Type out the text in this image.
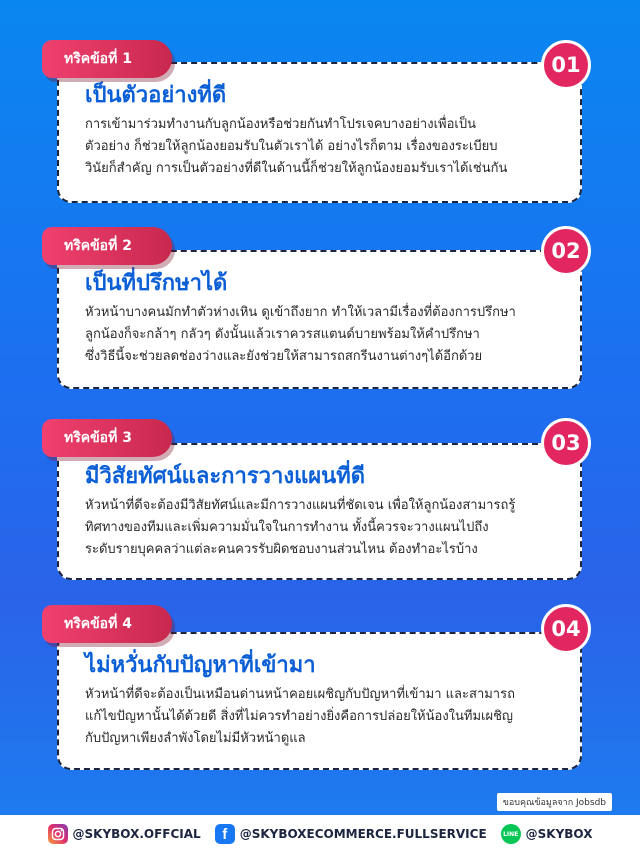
เป็นตัวอย่างที่ดี
การเข้ามาร่วมทำงานกับลูกน้องหรือช่วยกันทำโปรเจคบางอย่างเพื่อเป็น
ตัวอย่าง ก็ช่วยให้ลูกน้องยอมรับในตัวเราได้ อย่างไรก็ตาม เรื่องของระเบียบ
วินัยก็สำคัญ การเป็นตัวอย่างที่ดีในด้านนี้ก็ช่วยให้ลูกน้องยอมรับเราได้เช่นกัน
ทริคข้อที่ 1	01
เป็นที่ปรึกษาได้
หัวหน้าบางคนมักทำตัวห่างเหิน ดูเข้าถึงยาก ทำให้เวลามีเรื่องที่ต้องการปรึกษา
ลูกน้องก็จะกล้าๆ กลัวๆ ดังนั้นแล้วเราควรสแตนด์บายพร้อมให้คำปรึกษา
ซึ่งวิธีนี้จะช่วยลดช่องว่างและยังช่วยให้สามารถสกรีนงานต่างๆได้อีกด้วย
ทริคข้อที่ 2	02
มีวิสัยทัศน์และการวางแผนที่ดี
หัวหน้าที่ดีจะต้องมีวิสัยทัศน์และมีการวางแผนที่ชัดเจน เพื่อให้ลูกน้องสามารถรู้
ทิศทางของทีมและเพิ่มความมั่นใจในการทำงาน ทั้งนี้ควรจะวางแผนไปถึง
ระดับรายบุคคลว่าแต่ละคนควรรับผิดชอบงานส่วนไหน ต้องทำอะไรบ้าง
ทริคข้อที่ 3	03
ไม่หวั่นกับปัญหาที่เข้ามา
หัวหน้าที่ดีจะต้องเป็นเหมือนด่านหน้าคอยเผชิญกับปัญหาที่เข้ามา และสามารถ
แก้ไขปัญหานั้นได้ด้วยดี สิ่งที่ไม่ควรทำอย่างยิ่งคือการปล่อยให้น้องในทีมเผชิญ
กับปัญหาเพียงลำพังโดยไม่มีหัวหน้าดูแล
ทริคข้อที่ 4	04
ขอบคุณข้อมูลจาก Jobsdb
@SKYBOX.OFFCIAL	f	@SKYBOXECOMMERCE.FULLSERVICE	LINE @SKYBOX
